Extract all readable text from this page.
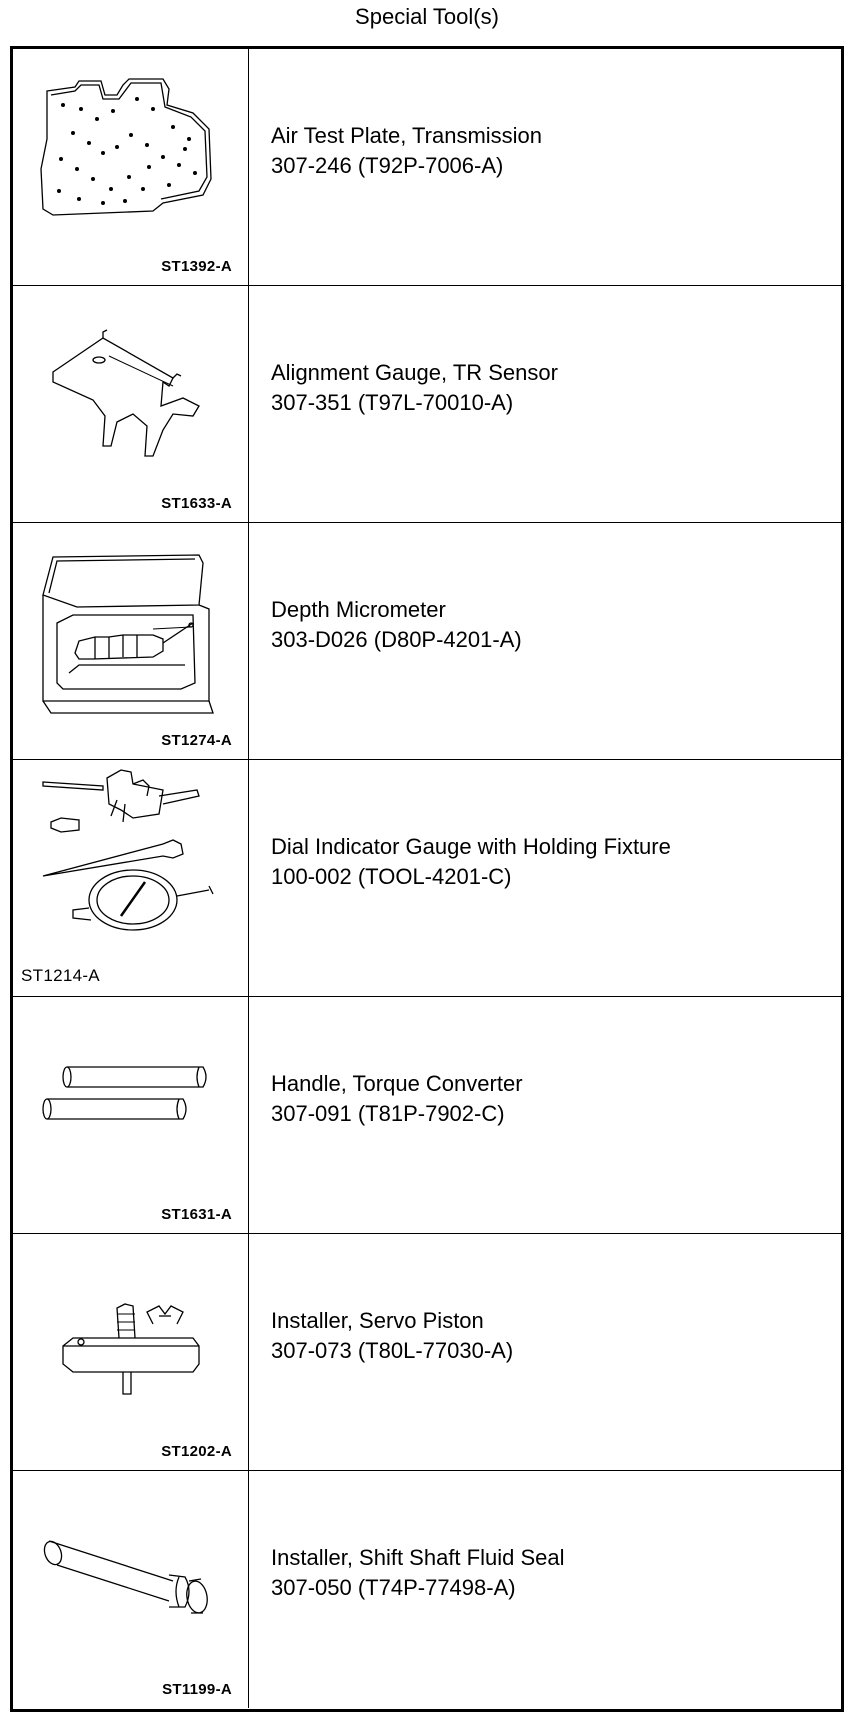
Special Tool(s)
ST1392-A
Air Test Plate, Transmission
307-246 (T92P-7006-A)
ST1633-A
Alignment Gauge, TR Sensor
307-351 (T97L-70010-A)
ST1274-A
Depth Micrometer
303-D026 (D80P-4201-A)
ST1214-A
Dial Indicator Gauge with Holding Fixture
100-002 (TOOL-4201-C)
ST1631-A
Handle, Torque Converter
307-091 (T81P-7902-C)
ST1202-A
Installer, Servo Piston
307-073 (T80L-77030-A)
ST1199-A
Installer, Shift Shaft Fluid Seal
307-050 (T74P-77498-A)
